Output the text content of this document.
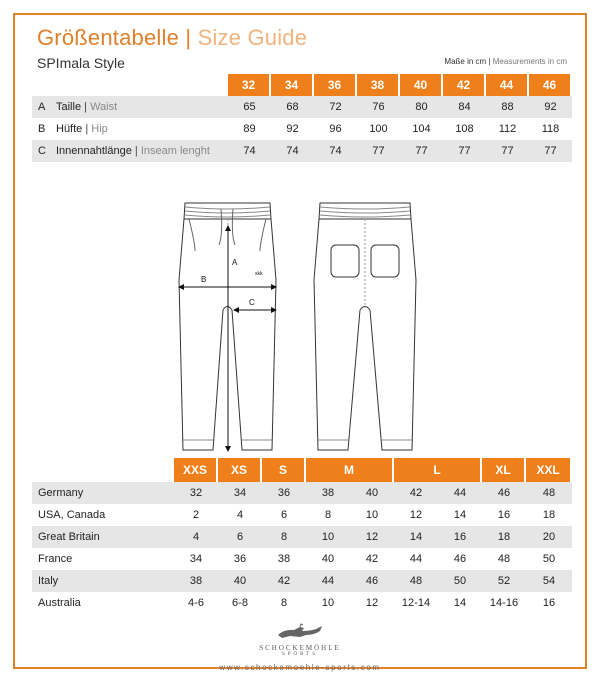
Größentabelle | Size Guide
SPImala Style	Maße in cm | Measurements in cm
	32	34	36	38	40	42	44	46
A Taille | Waist	65	68	72	76	80	84	88	92
B Hüfte | Hip	89	92	96	100	104	108	112	118
C Innennahtlänge | Inseam lenght	74	74	74	77	77	77	77	77
A
B
C
skk
	XXS	XS	S	M		L		XL	XXL
Germany	32	34	36	38	40	42	44	46	48
USA, Canada	2	4	6	8	10	12	14	16	18
Great Britain	4	6	8	10	12	14	16	18	20
France	34	36	38	40	42	44	46	48	50
Italy	38	40	42	44	46	48	50	52	54
Australia	4-6	6-8	8	10	12	12-14	14	14-16	16
SCHOCKEMÖHLE
SPORTS
www.schockemoehle-sports.com
